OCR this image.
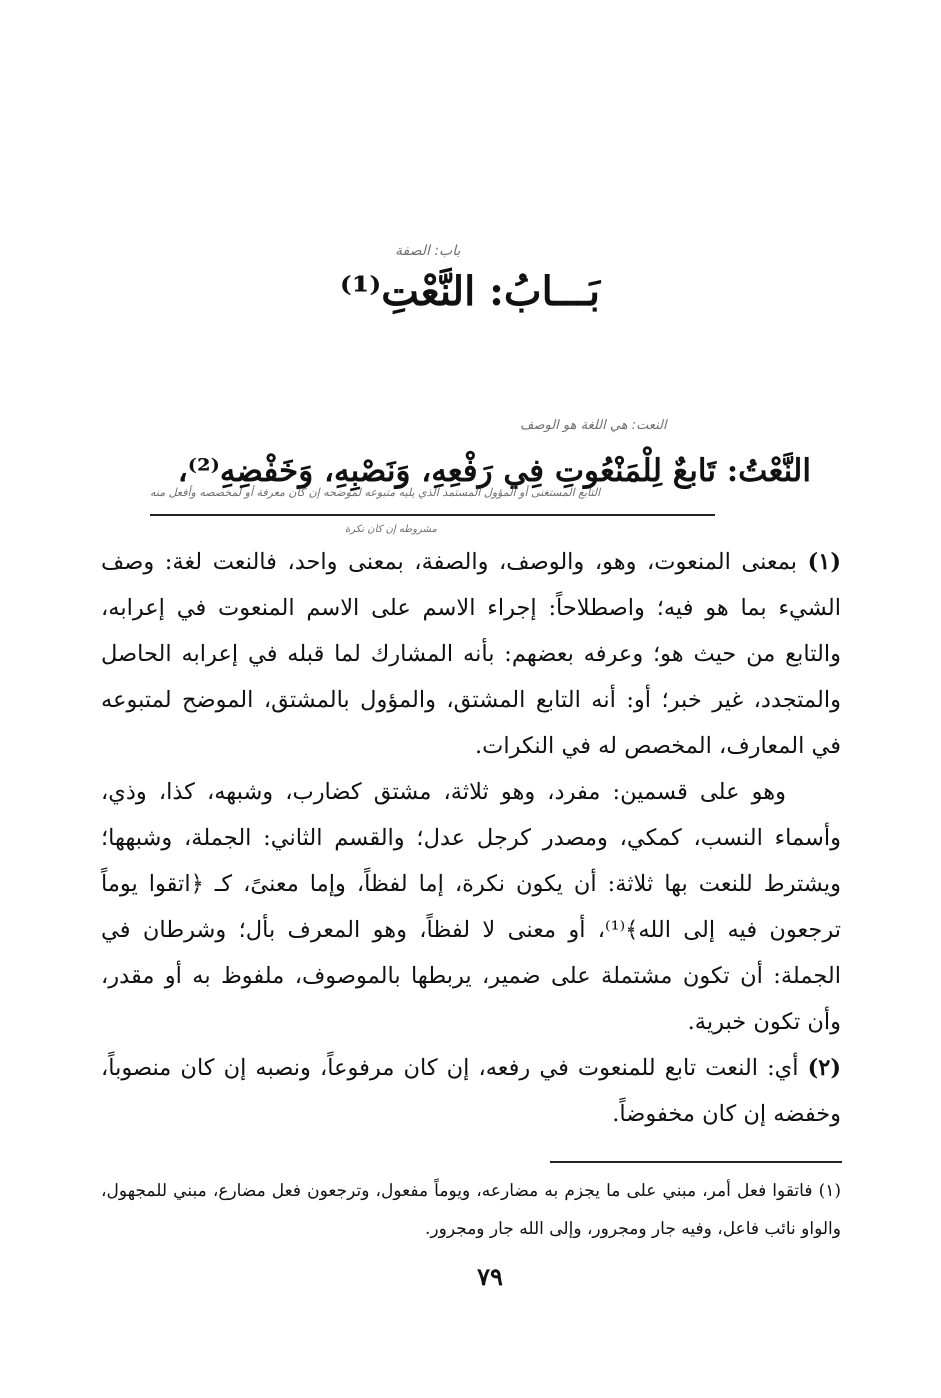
باب: الصفة
بَـــابُ: النَّعْتِ⁽¹⁾
النعت: هي اللغة هو الوصف
النَّعْتُ: تَابعٌ لِلْمَنْعُوتِ فِي رَفْعِهِ، وَنَصْبِهِ، وَخَفْضِهِ⁽²⁾،
التابع المستغنى أو المؤول المستمد الذي يليه متبوعه لموضحه إن كان معرفة أو لمخصصه وأفعل منه
مشروطه إن كان نكرة

(١) بمعنى المنعوت، وهو، والوصف، والصفة، بمعنى واحد، فالنعت لغة: وصف الشيء بما هو فيه؛ واصطلاحاً: إجراء الاسم على الاسم المنعوت في إعرابه، والتابع من حيث هو؛ وعرفه بعضهم: بأنه المشارك لما قبله في إعرابه الحاصل والمتجدد، غير خبر؛ أو: أنه التابع المشتق، والمؤول بالمشتق، الموضح لمتبوعه في المعارف، المخصص له في النكرات.

وهو على قسمين: مفرد، وهو ثلاثة، مشتق كضارب، وشبهه، كذا، وذي، وأسماء النسب، كمكي، ومصدر كرجل عدل؛ والقسم الثاني: الجملة، وشبهها؛ ويشترط للنعت بها ثلاثة: أن يكون نكرة، إما لفظاً، وإما معنىً، كـ ﴿اتقوا يوماً ترجعون فيه إلى الله﴾⁽¹⁾، أو معنى لا لفظاً، وهو المعرف بأل؛ وشرطان في الجملة: أن تكون مشتملة على ضمير، يربطها بالموصوف، ملفوظ به أو مقدر، وأن تكون خبرية.

(٢) أي: النعت تابع للمنعوت في رفعه، إن كان مرفوعاً، ونصبه إن كان منصوباً، وخفضه إن كان مخفوضاً.

(١) فاتقوا فعل أمر، مبني على ما يجزم به مضارعه، ويوماً مفعول، وترجعون فعل مضارع، مبني للمجهول، والواو نائب فاعل، وفيه جار ومجرور، وإلى الله جار ومجرور.
٧٩
